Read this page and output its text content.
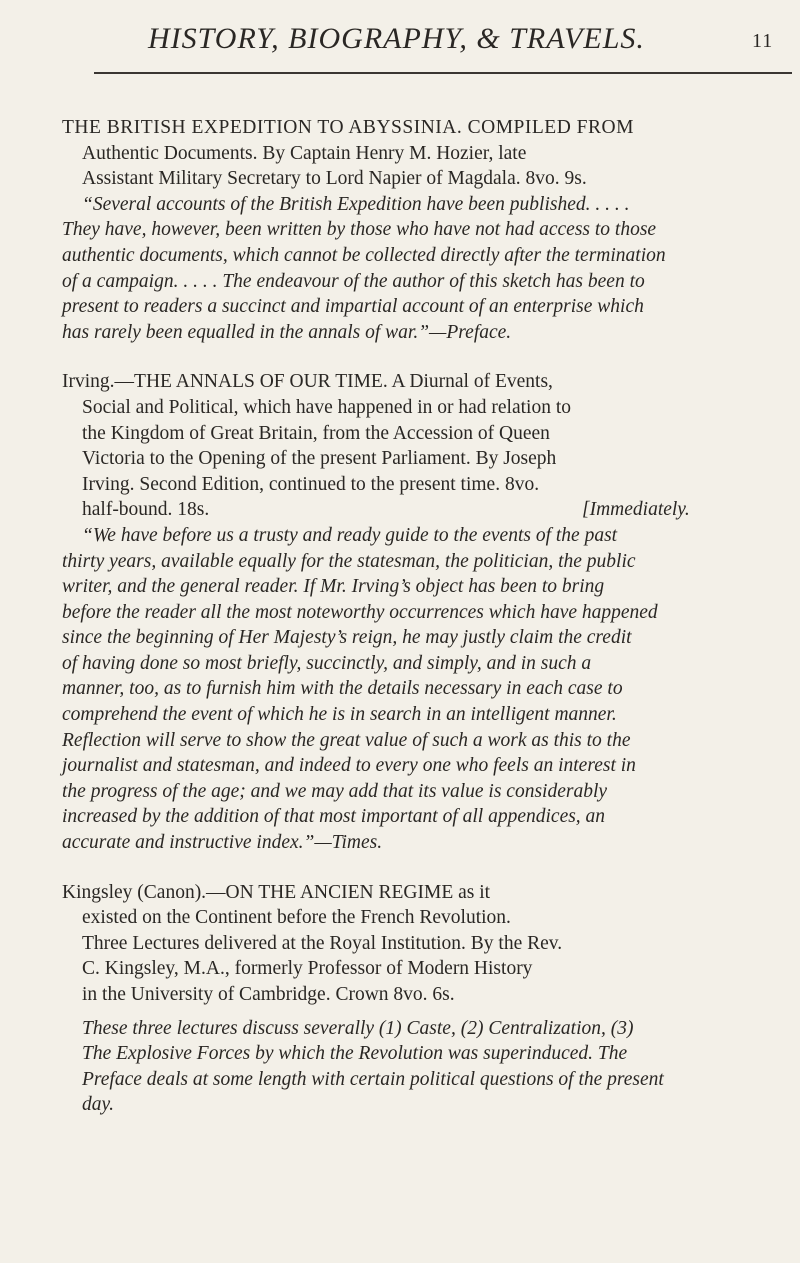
HISTORY, BIOGRAPHY, & TRAVELS.	11
THE BRITISH EXPEDITION TO ABYSSINIA. COMPILED FROM
Authentic Documents. By Captain Henry M. Hozier, late
Assistant Military Secretary to Lord Napier of Magdala. 8vo. 9s.
“Several accounts of the British Expedition have been published. . . . .
They have, however, been written by those who have not had access to those
authentic documents, which cannot be collected directly after the termination
of a campaign. . . . . The endeavour of the author of this sketch has been to
present to readers a succinct and impartial account of an enterprise which
has rarely been equalled in the annals of war.”—Preface.
Irving.—THE ANNALS OF OUR TIME. A Diurnal of Events,
Social and Political, which have happened in or had relation to
the Kingdom of Great Britain, from the Accession of Queen
Victoria to the Opening of the present Parliament. By Joseph
Irving. Second Edition, continued to the present time. 8vo.
half-bound. 18s.	[Immediately.
“We have before us a trusty and ready guide to the events of the past
thirty years, available equally for the statesman, the politician, the public
writer, and the general reader. If Mr. Irving’s object has been to bring
before the reader all the most noteworthy occurrences which have happened
since the beginning of Her Majesty’s reign, he may justly claim the credit
of having done so most briefly, succinctly, and simply, and in such a
manner, too, as to furnish him with the details necessary in each case to
comprehend the event of which he is in search in an intelligent manner.
Reflection will serve to show the great value of such a work as this to the
journalist and statesman, and indeed to every one who feels an interest in
the progress of the age; and we may add that its value is considerably
increased by the addition of that most important of all appendices, an
accurate and instructive index.”—Times.
Kingsley (Canon).—ON THE ANCIEN REGIME as it
existed on the Continent before the French Revolution.
Three Lectures delivered at the Royal Institution. By the Rev.
C. Kingsley, M.A., formerly Professor of Modern History
in the University of Cambridge. Crown 8vo. 6s.
These three lectures discuss severally (1) Caste, (2) Centralization, (3)
The Explosive Forces by which the Revolution was superinduced. The
Preface deals at some length with certain political questions of the present
day.
